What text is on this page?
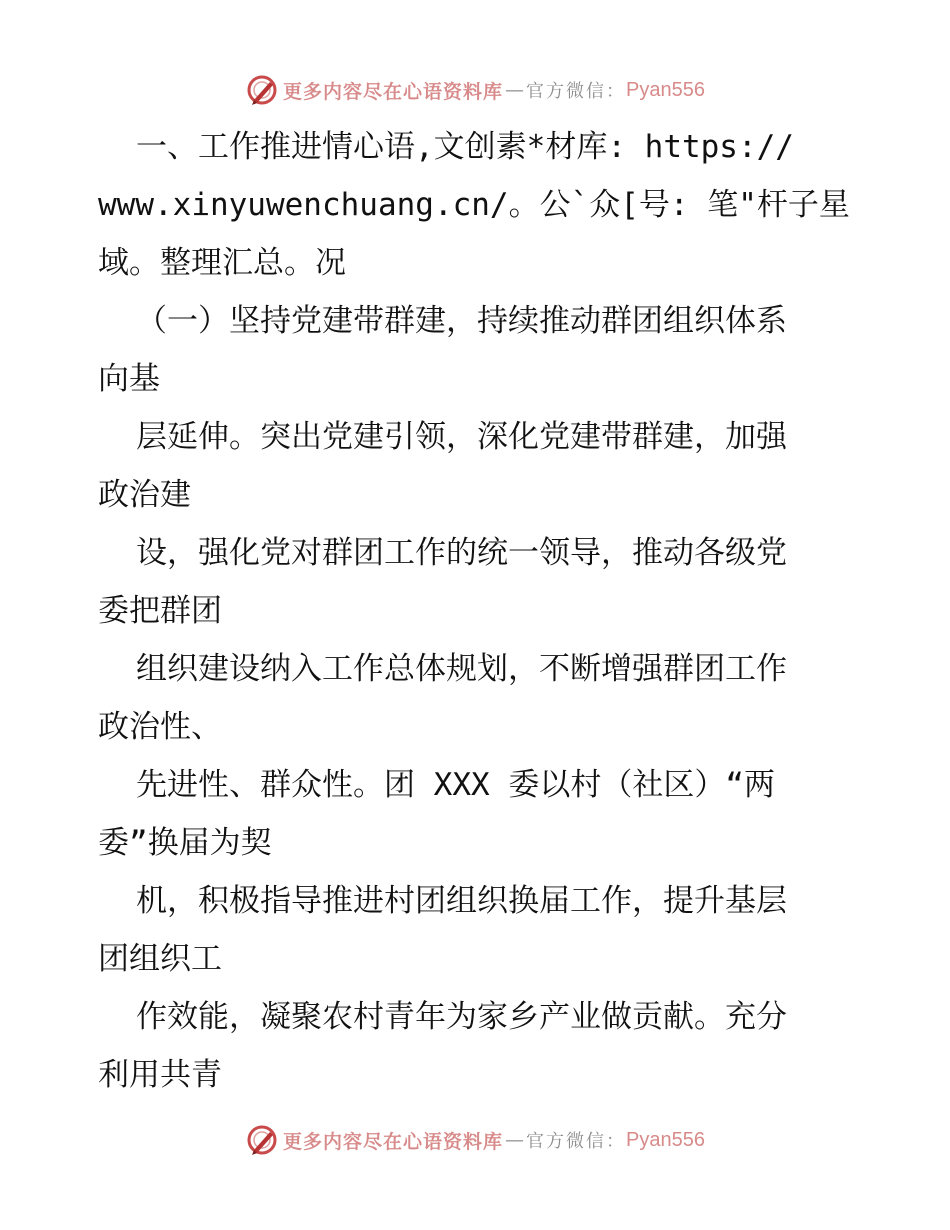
更多内容尽在心语资料库 — 官方微信： Pyan556
一、工作推进情心语,文创素*材库: https://
www.xinyuwenchuang.cn/。公`众[号: 笔"杆子星
域。整理汇总。况
（一）坚持党建带群建，持续推动群团组织体系
向基
层延伸。突出党建引领，深化党建带群建，加强
政治建
设，强化党对群团工作的统一领导，推动各级党
委把群团
组织建设纳入工作总体规划，不断增强群团工作
政治性、
先进性、群众性。团 XXX 委以村（社区）“两
委”换届为契
机，积极指导推进村团组织换届工作，提升基层
团组织工
作效能，凝聚农村青年为家乡产业做贡献。充分
利用共青
更多内容尽在心语资料库 — 官方微信： Pyan556
